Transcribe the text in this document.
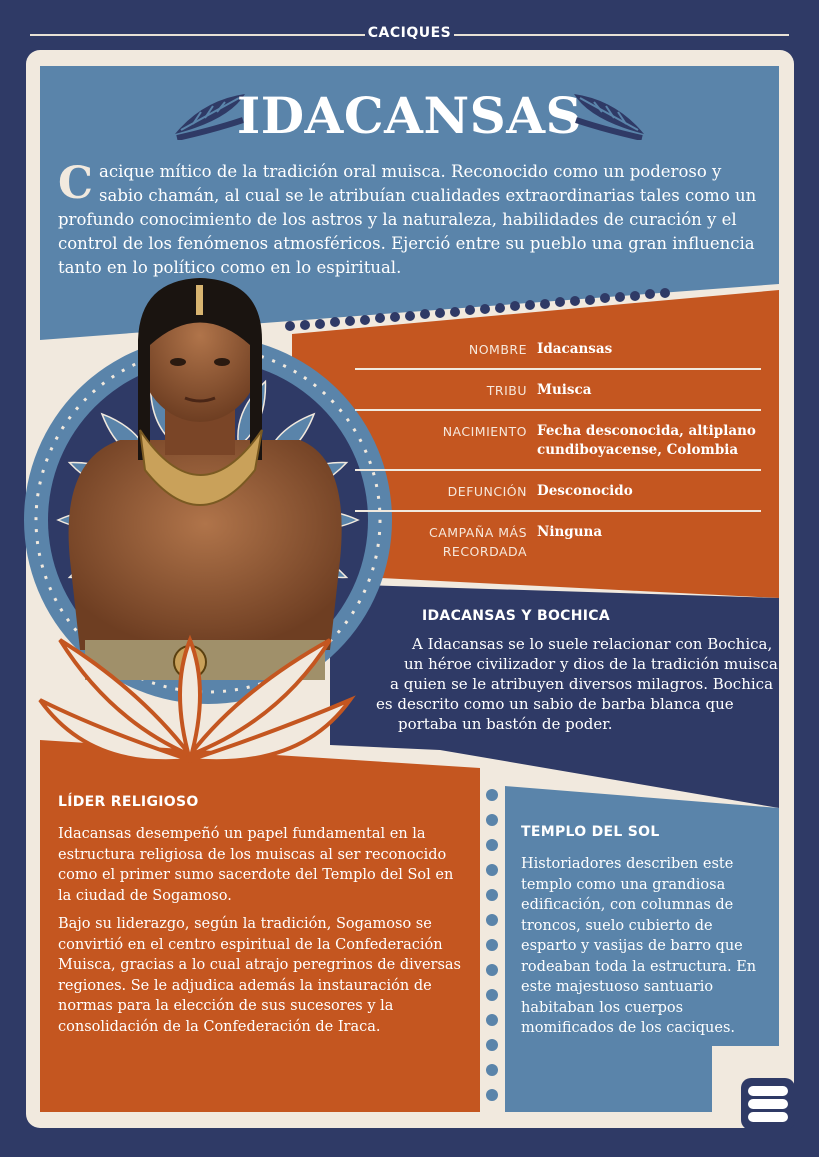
CACIQUES
IDACANSAS
Cacique mítico de la tradición oral muisca. Reconocido como un poderoso y sabio chamán, al cual se le atribuían cualidades extraordinarias tales como un profundo conocimiento de los astros y la naturaleza, habilidades de curación y el control de los fenómenos atmosféricos. Ejerció entre su pueblo una gran influencia tanto en lo político como en lo espiritual.
NOMBRE Idacansas
TRIBU Muisca
NACIMIENTO Fecha desconocida, altiplano cundiboyacense, Colombia
DEFUNCIÓN Desconocido
CAMPAÑA MÁS RECORDADA
Ninguna
IDACANSAS Y BOCHICA
A Idacansas se lo suele relacionar con Bochica,
un héroe civilizador y dios de la tradición muisca
a quien se le atribuyen diversos milagros. Bochica
es descrito como un sabio de barba blanca que
portaba un bastón de poder.
LÍDER RELIGIOSO

Idacansas desempeñó un papel fundamental en la estructura religiosa de los muiscas al ser reconocido como el primer sumo sacerdote del Templo del Sol en la ciudad de Sogamoso.

Bajo su liderazgo, según la tradición, Sogamoso se convirtió en el centro espiritual de la Confederación Muisca, gracias a lo cual atrajo peregrinos de diversas regiones. Se le adjudica además la instauración de normas para la elección de sus sucesores y la consolidación de la Confederación de Iraca.

TEMPLO DEL SOL

Historiadores describen este templo como una grandiosa edificación, con columnas de troncos, suelo cubierto de esparto y vasijas de barro que rodeaban toda la estructura. En este majestuoso santuario habitaban los cuerpos momificados de los caciques.
